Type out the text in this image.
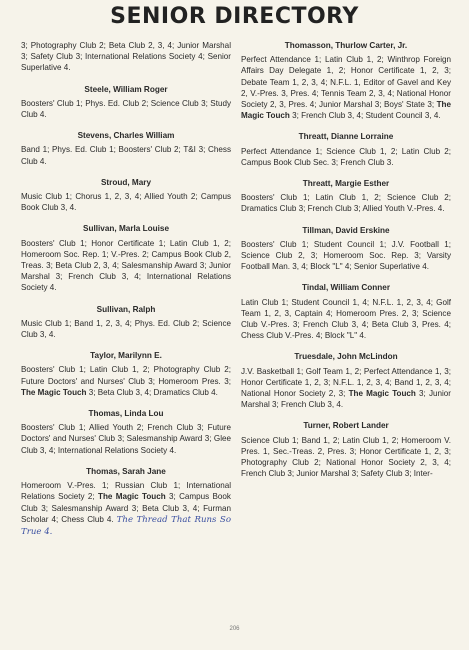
SENIOR DIRECTORY
3; Photography Club 2; Beta Club 2, 3, 4; Junior Marshal 3; Safety Club 3; International Relations Society 4; Senior Superlative 4.
Steele, William Roger
Boosters' Club 1; Phys. Ed. Club 2; Science Club 3; Study Club 4.
Stevens, Charles William
Band 1; Phys. Ed. Club 1; Boosters' Club 2; T&I 3; Chess Club 4.
Stroud, Mary
Music Club 1; Chorus 1, 2, 3, 4; Allied Youth 2; Campus Book Club 3, 4.
Sullivan, Marla Louise
Boosters' Club 1; Honor Certificate 1; Latin Club 1, 2; Homeroom Soc. Rep. 1; V.-Pres. 2; Campus Book Club 2, Treas. 3; Beta Club 2, 3, 4; Salesmanship Award 3; Junior Marshal 3; French Club 3, 4; International Relations Society 4.
Sullivan, Ralph
Music Club 1; Band 1, 2, 3, 4; Phys. Ed. Club 2; Science Club 3, 4.
Taylor, Marilynn E.
Boosters' Club 1; Latin Club 1, 2; Photography Club 2; Future Doctors' and Nurses' Club 3; Homeroom Pres. 3; The Magic Touch 3; Beta Club 3, 4; Dramatics Club 4.
Thomas, Linda Lou
Boosters' Club 1; Allied Youth 2; French Club 3; Future Doctors' and Nurses' Club 3; Salesmanship Award 3; Glee Club 3, 4; International Relations Society 4.
Thomas, Sarah Jane
Homeroom V.-Pres. 1; Russian Club 1; International Relations Society 2; The Magic Touch 3; Campus Book Club 3; Salesmanship Award 3; Beta Club 3, 4; Furman Scholar 4; Chess Club 4. The Thread That Runs So True 4.
Thomasson, Thurlow Carter, Jr.
Perfect Attendance 1; Latin Club 1, 2; Winthrop Foreign Affairs Day Delegate 1, 2; Honor Certificate 1, 2, 3; Debate Team 1, 2, 3, 4; N.F.L. 1, Editor of Gavel and Key 2, V.-Pres. 3, Pres. 4; Tennis Team 2, 3, 4; National Honor Society 2, 3, Pres. 4; Junior Marshal 3; Boys' State 3; The Magic Touch 3; French Club 3, 4; Student Council 3, 4.
Threatt, Dianne Lorraine
Perfect Attendance 1; Science Club 1, 2; Latin Club 2; Campus Book Club Sec. 3; French Club 3.
Threatt, Margie Esther
Boosters' Club 1; Latin Club 1, 2; Science Club 2; Dramatics Club 3; French Club 3; Allied Youth V.-Pres. 4.
Tillman, David Erskine
Boosters' Club 1; Student Council 1; J.V. Football 1; Science Club 2, 3; Homeroom Soc. Rep. 3; Varsity Football Man. 3, 4; Block "L" 4; Senior Superlative 4.
Tindal, William Conner
Latin Club 1; Student Council 1, 4; N.F.L. 1, 2, 3, 4; Golf Team 1, 2, 3, Captain 4; Homeroom Pres. 2, 3; Science Club V.-Pres. 3; French Club 3, 4; Beta Club 3, Pres. 4; Chess Club V.-Pres. 4; Block "L" 4.
Truesdale, John McLindon
J.V. Basketball 1; Golf Team 1, 2; Perfect Attendance 1, 3; Honor Certificate 1, 2, 3; N.F.L. 1, 2, 3, 4; Band 1, 2, 3, 4; National Honor Society 2, 3; The Magic Touch 3; Junior Marshal 3; French Club 3, 4.
Turner, Robert Lander
Science Club 1; Band 1, 2; Latin Club 1, 2; Homeroom V. Pres. 1, Sec.-Treas. 2, Pres. 3; Honor Certificate 1, 2, 3; Photography Club 2; National Honor Society 2, 3, 4; French Club 3; Junior Marshal 3; Safety Club 3; Inter-
206
